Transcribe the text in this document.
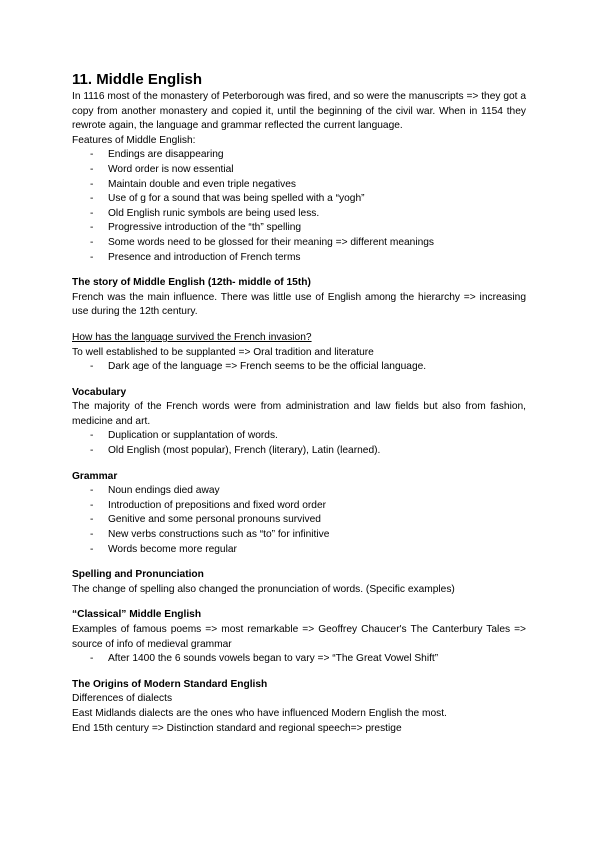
11. Middle English

In 1116 most of the monastery of Peterborough was fired, and so were the manuscripts => they got a copy from another monastery and copied it, until the beginning of the civil war. When in 1154 they rewrote again, the language and grammar reflected the current language.

Features of Middle English:

- Endings are disappearing
- Word order is now essential
- Maintain double and even triple negatives
- Use of g for a sound that was being spelled with a “yogh”
- Old English runic symbols are being used less.
- Progressive introduction of the “th” spelling
- Some words need to be glossed for their meaning => different meanings
- Presence and introduction of French terms
The story of Middle English (12th- middle of 15th)

French was the main influence. There was little use of English among the hierarchy => increasing use during the 12th century.

How has the language survived the French invasion?

To well established to be supplanted => Oral tradition and literature

- Dark age of the language => French seems to be the official language.
Vocabulary

The majority of the French words were from administration and law fields but also from fashion, medicine and art.

- Duplication or supplantation of words.
- Old English (most popular), French (literary), Latin (learned).
Grammar
- Noun endings died away
- Introduction of prepositions and fixed word order
- Genitive and some personal pronouns survived
- New verbs constructions such as “to” for infinitive
- Words become more regular
Spelling and Pronunciation

The change of spelling also changed the pronunciation of words. (Specific examples)

“Classical” Middle English

Examples of famous poems => most remarkable => Geoffrey Chaucer's The Canterbury Tales => source of info of medieval grammar

- After 1400 the 6 sounds vowels began to vary => “The Great Vowel Shift”
The Origins of Modern Standard English

Differences of dialects

East Midlands dialects are the ones who have influenced Modern English the most.

End 15th century => Distinction standard and regional speech=> prestige
